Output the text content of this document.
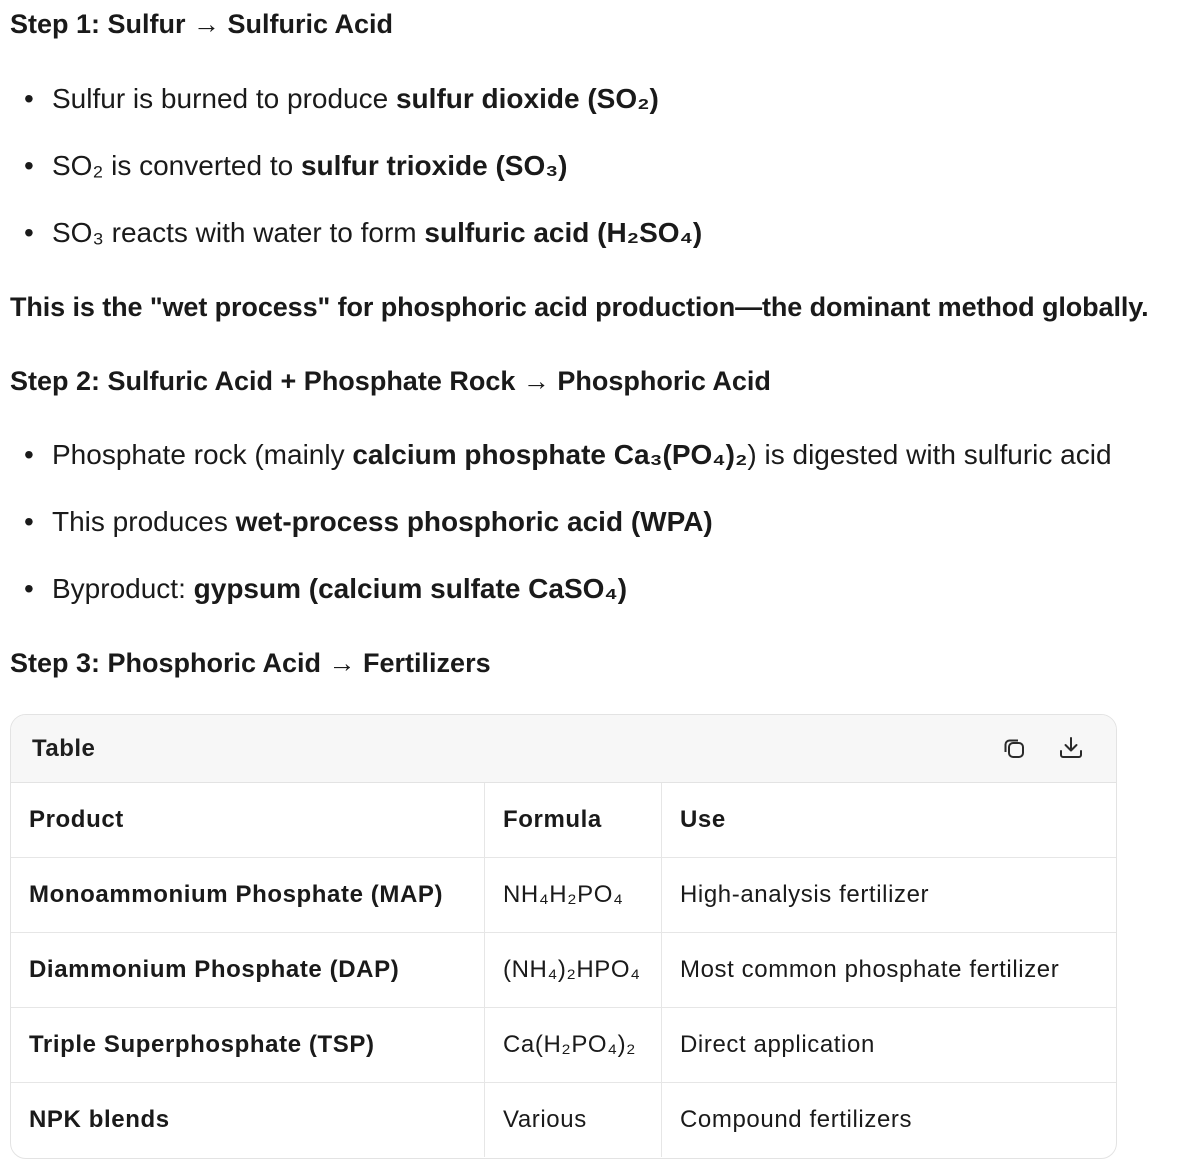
Step 1: Sulfur → Sulfuric Acid
• Sulfur is burned to produce sulfur dioxide (SO₂)
• SO₂ is converted to sulfur trioxide (SO₃)
• SO₃ reacts with water to form sulfuric acid (H₂SO₄)
This is the "wet process" for phosphoric acid production—the dominant method globally.
Step 2: Sulfuric Acid + Phosphate Rock → Phosphoric Acid
• Phosphate rock (mainly calcium phosphate Ca₃(PO₄)₂) is digested with sulfuric acid
• This produces wet-process phosphoric acid (WPA)
• Byproduct: gypsum (calcium sulfate CaSO₄)
Step 3: Phosphoric Acid → Fertilizers
Table
Product	Formula	Use
Monoammonium Phosphate (MAP)	NH₄H₂PO₄	High-analysis fertilizer
Diammonium Phosphate (DAP)	(NH₄)₂HPO₄	Most common phosphate fertilizer
Triple Superphosphate (TSP)	Ca(H₂PO₄)₂	Direct application
NPK blends	Various	Compound fertilizers
